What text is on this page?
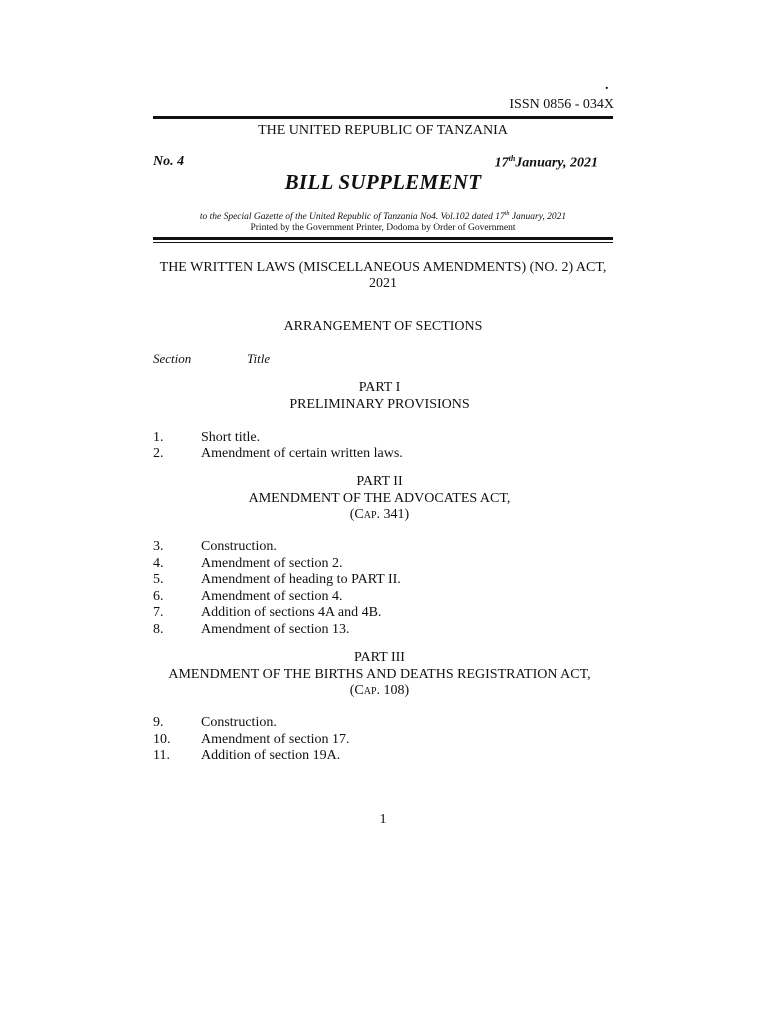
.
ISSN 0856 - 034X
THE UNITED REPUBLIC OF TANZANIA
No. 4	17thJanuary, 2021
BILL SUPPLEMENT
to the Special Gazette of the United Republic of Tanzania No4. Vol.102 dated 17th January, 2021
Printed by the Government Printer, Dodoma by Order of Government
THE WRITTEN LAWS (MISCELLANEOUS AMENDMENTS) (NO. 2) ACT, 2021
ARRANGEMENT OF SECTIONS
Section	Title
PART I
PRELIMINARY PROVISIONS
1.	Short title.
2.	Amendment of certain written laws.
PART II
AMENDMENT OF THE ADVOCATES ACT,
(Cap. 341)
3.	Construction.
4.	Amendment of section 2.
5.	Amendment of heading to PART II.
6.	Amendment of section 4.
7.	Addition of sections 4A and 4B.
8.	Amendment of section 13.
PART III
AMENDMENT OF THE BIRTHS AND DEATHS REGISTRATION ACT,
(Cap. 108)
9.	Construction.
10. Amendment of section 17.
11. Addition of section 19A.
1
